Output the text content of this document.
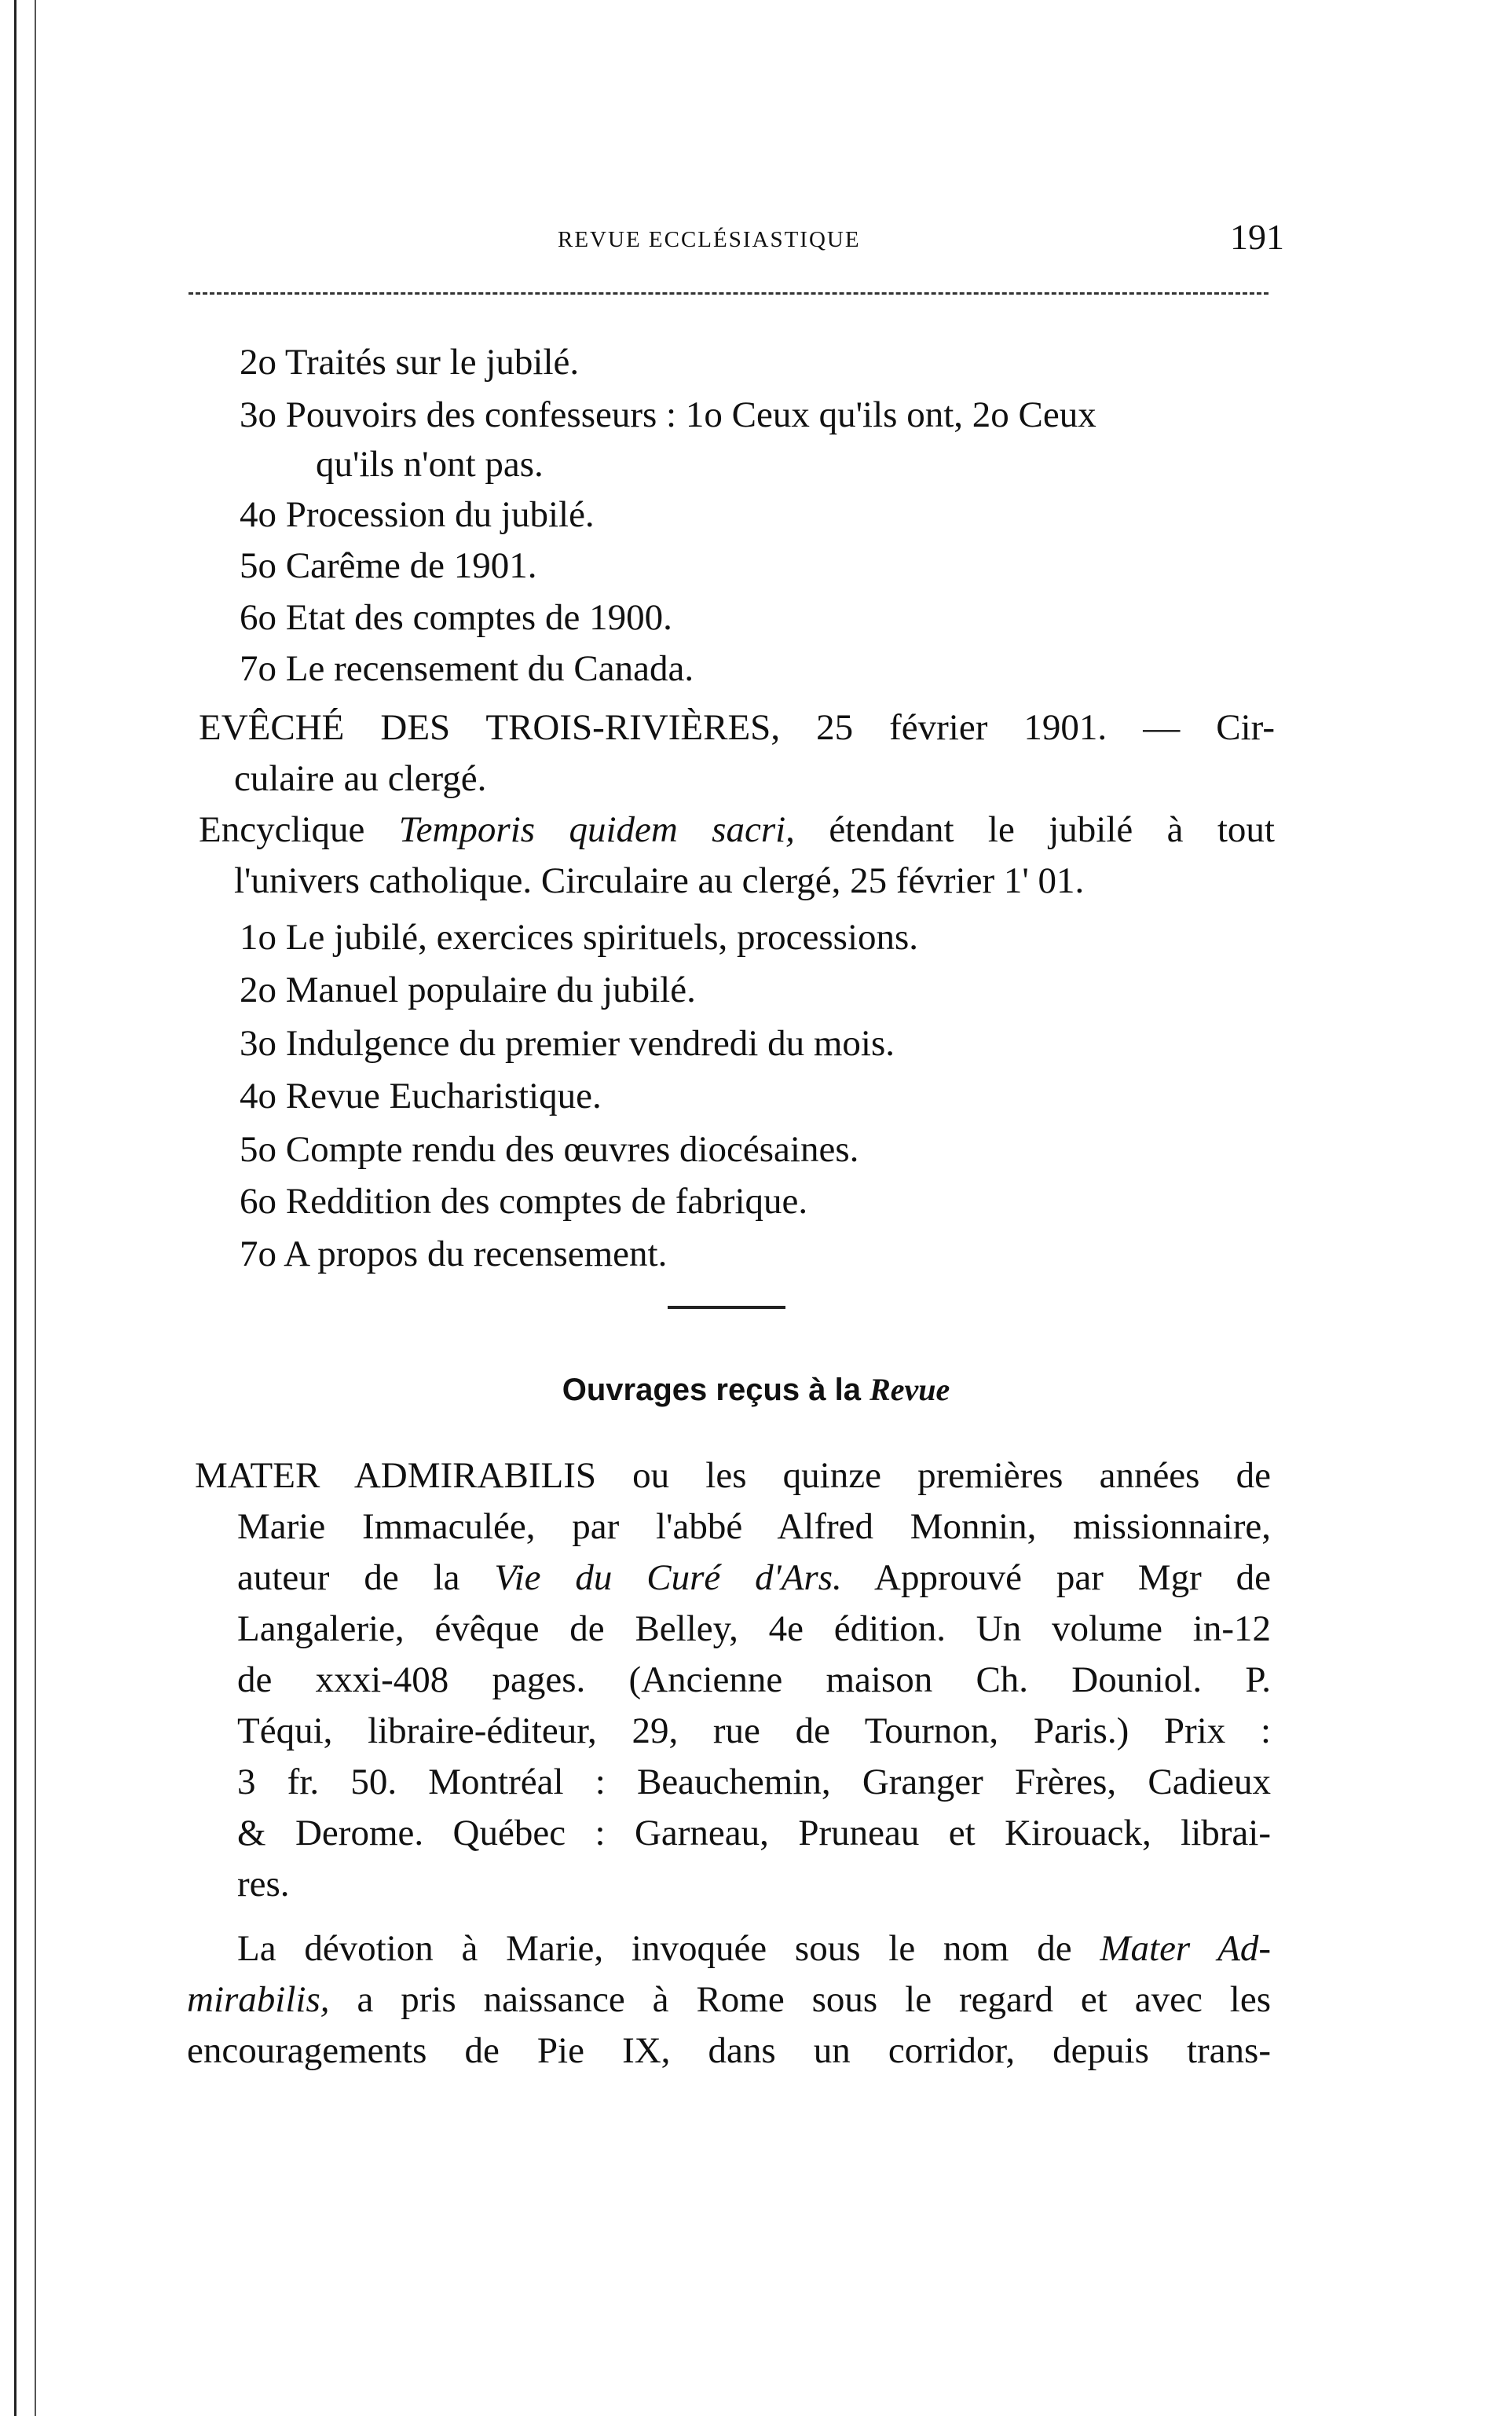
REVUE ECCLÉSIASTIQUE	191
2o Traités sur le jubilé.
3o Pouvoirs des confesseurs : 1o Ceux qu'ils ont, 2o Ceux
qu'ils n'ont pas.
4o Procession du jubilé.
5o Carême de 1901.
6o Etat des comptes de 1900.
7o Le recensement du Canada.
EVÊCHÉ DES TROIS-RIVIÈRES, 25 février 1901. — Cir-
culaire au clergé.
Encyclique Temporis quidem sacri, étendant le jubilé à tout
l'univers catholique. Circulaire au clergé, 25 février 1' 01.
1o Le jubilé, exercices spirituels, processions.
2o Manuel populaire du jubilé.
3o Indulgence du premier vendredi du mois.
4o Revue Eucharistique.
5o Compte rendu des œuvres diocésaines.
6o Reddition des comptes de fabrique.
7o A propos du recensement.
Ouvrages reçus à la Revue
MATER ADMIRABILIS ou les quinze premières années de
Marie Immaculée, par l'abbé Alfred Monnin, missionnaire,
auteur de la Vie du Curé d'Ars. Approuvé par Mgr de
Langalerie, évêque de Belley, 4e édition. Un volume in-12
de xxxi-408 pages. (Ancienne maison Ch. Douniol. P.
Téqui, libraire-éditeur, 29, rue de Tournon, Paris.) Prix :
3 fr. 50. Montréal : Beauchemin, Granger Frères, Cadieux
& Derome. Québec : Garneau, Pruneau et Kirouack, librai-
res.
La dévotion à Marie, invoquée sous le nom de Mater Ad-
mirabilis, a pris naissance à Rome sous le regard et avec les
encouragements de Pie IX, dans un corridor, depuis trans-
